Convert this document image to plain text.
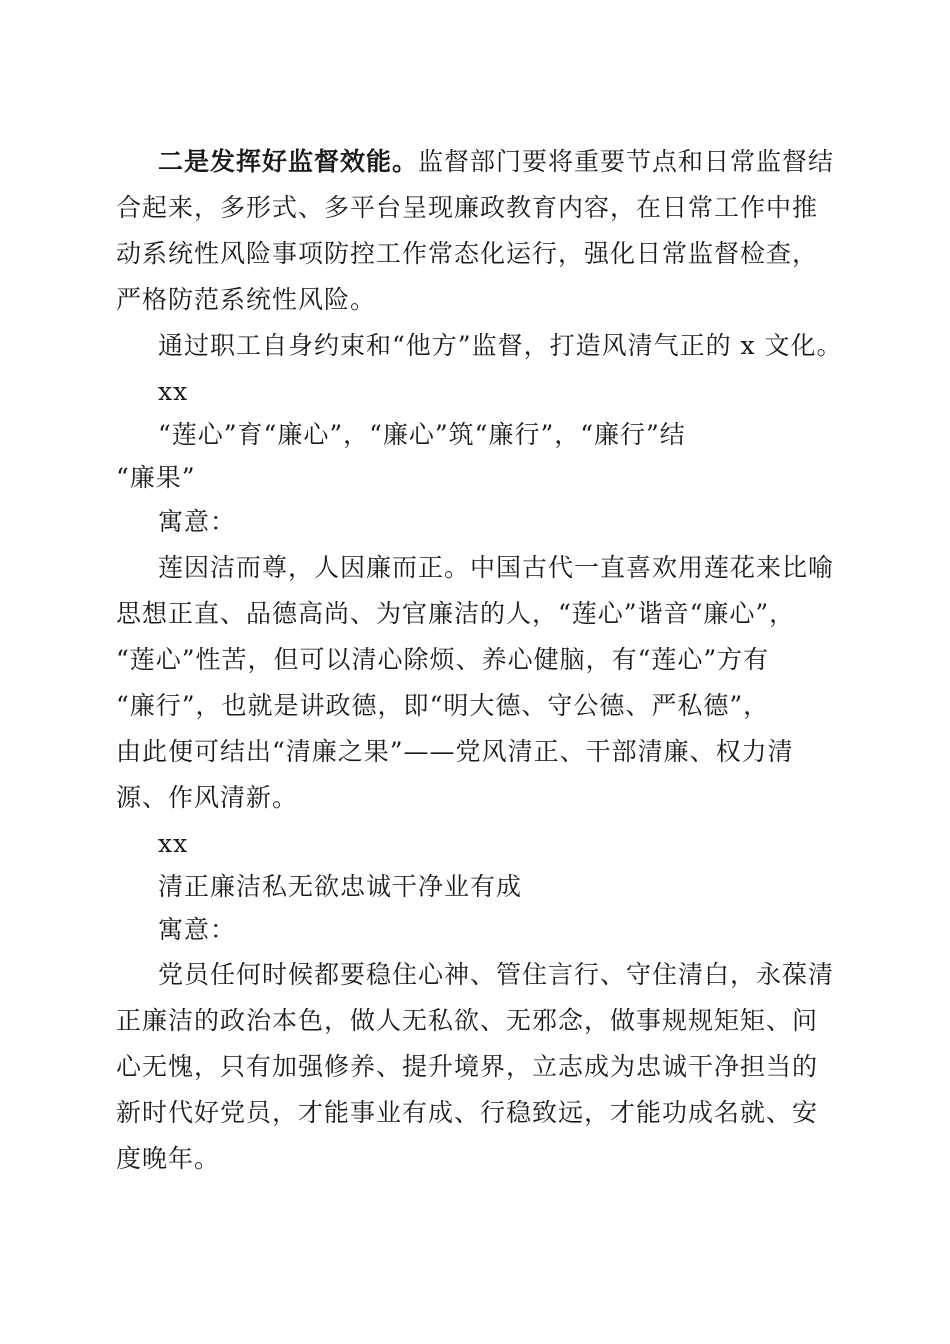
二是发挥好监督效能。监督部门要将重要节点和日常监督结
合起来，多形式、多平台呈现廉政教育内容，在日常工作中推
动系统性风险事项防控工作常态化运行，强化日常监督检查，
严格防范系统性风险。
通过职工自身约束和“他方”监督，打造风清气正的 x 文化。
xx
“莲心”育“廉心”，“廉心”筑“廉行”，“廉行”结
“廉果”
寓意：
莲因洁而尊，人因廉而正。中国古代一直喜欢用莲花来比喻
思想正直、品德高尚、为官廉洁的人，“莲心”谐音“廉心”，
“莲心”性苦，但可以清心除烦、养心健脑，有“莲心”方有
“廉行”，也就是讲政德，即“明大德、守公德、严私德”，
由此便可结出“清廉之果”——党风清正、干部清廉、权力清
源、作风清新。
xx
清正廉洁私无欲忠诚干净业有成
寓意：
党员任何时候都要稳住心神、管住言行、守住清白，永葆清
正廉洁的政治本色，做人无私欲、无邪念，做事规规矩矩、问
心无愧，只有加强修养、提升境界，立志成为忠诚干净担当的
新时代好党员，才能事业有成、行稳致远，才能功成名就、安
度晚年。
